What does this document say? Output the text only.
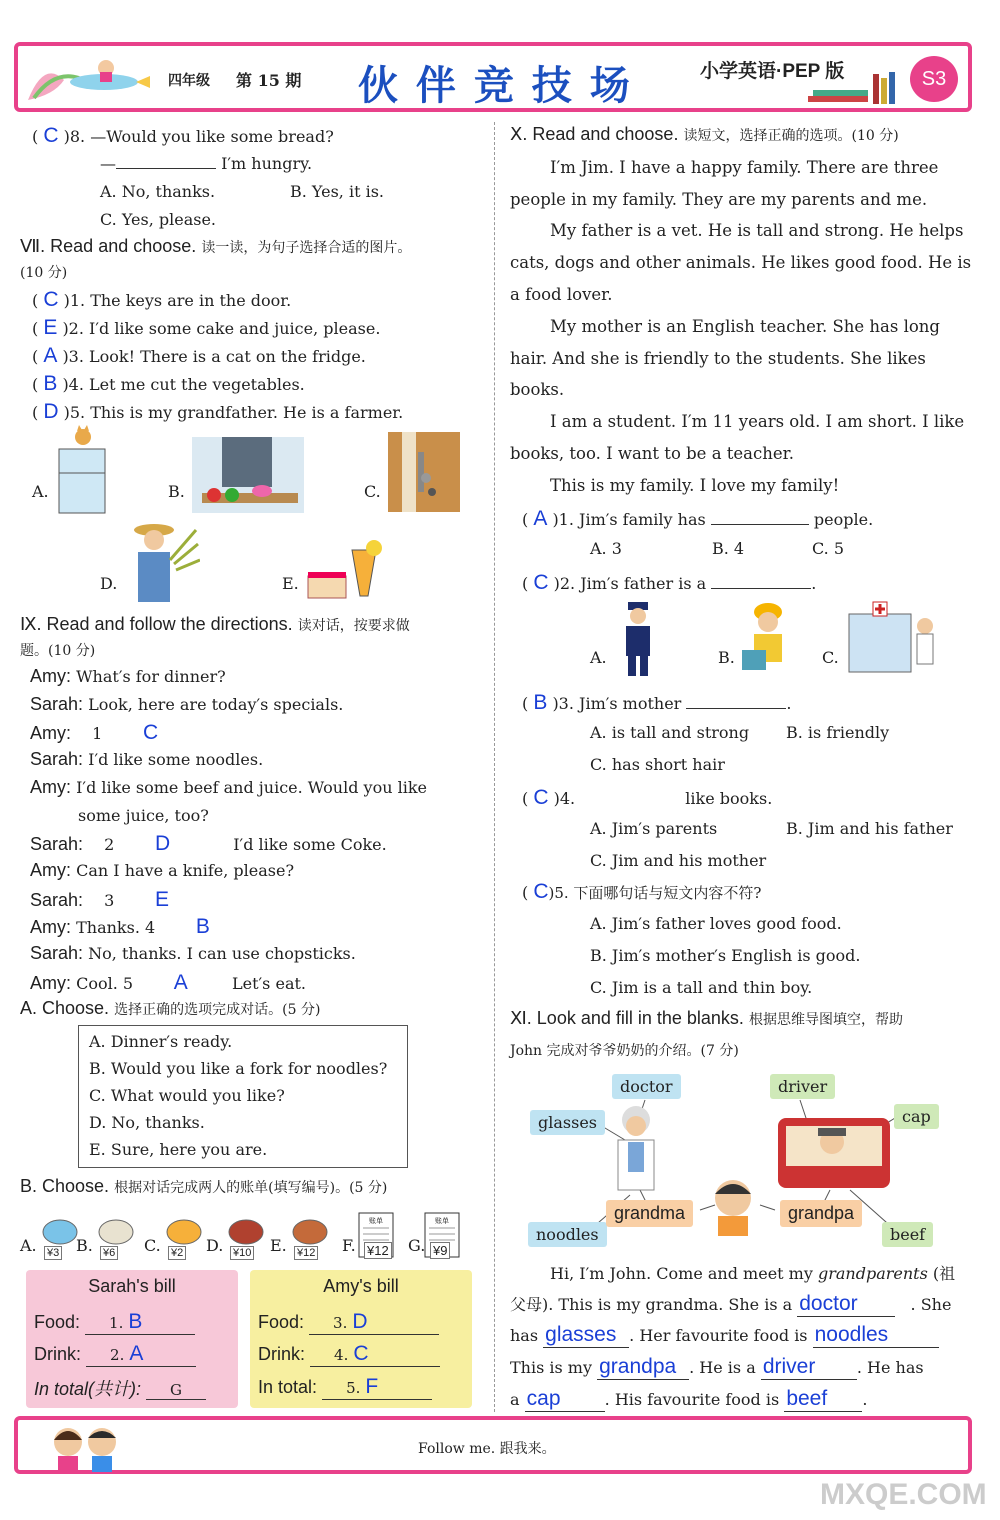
四年级 第 15 期 伙 伴 竞 技 场	小学英语·PEP 版	S3
( C )8. —Would you like some bread?
—	I′m hungry.
A. No, thanks.	B. Yes, it is.
C. Yes, please.
Ⅶ. Read and choose. 读一读，为句子选择合适的图片。
(10 分)
( C )1. The keys are in the door.
( E )2. I′d like some cake and juice, please.
( A )3. Look! There is a cat on the fridge.
( B )4. Let me cut the vegetables.
( D )5. This is my grandfather. He is a farmer.
A.	B.	C.
D.	E.
Ⅸ. Read and follow the directions. 读对话，按要求做
题。(10 分)
Amy: What′s for dinner?
Sarah: Look, here are today′s specials.
Amy: 1 C
Sarah: I′d like some noodles.
Amy: I′d like some beef and juice. Would you like
some juice, too?
Sarah: 2 D	I′d like some Coke.
Amy: Can I have a knife, please?
Sarah: 3 E
Amy: Thanks. 4 B
Sarah: No, thanks. I can use chopsticks.
Amy: Cool. 5 A	Let′s eat.
A. Choose. 选择正确的选项完成对话。(5 分)
A. Dinner′s ready.
B. Would you like a fork for noodles?
C. What would you like?
D. No, thanks.
E. Sure, here you are.
B. Choose. 根据对话完成两人的账单(填写编号)。(5 分)
A. ¥3 B. ¥6 C. ¥2 D. ¥10 E. ¥12 F.
账单
¥12 G.
账单
¥9
Sarah's bill
Food: 1. B
Drink: 2. A
In total(共计): G
Amy's bill
Food: 3. D
Drink: 4. C
In total: 5. F
Ⅹ. Read and choose. 读短文，选择正确的选项。(10 分)
I′m Jim. I have a happy family. There are three
people in my family. They are my parents and me.
My father is a vet. He is tall and strong. He helps
cats, dogs and other animals. He likes good food. He is
a food lover.
My mother is an English teacher. She has long
hair. And she is friendly to the students. She likes
books.
I am a student. I′m 11 years old. I am short. I like
books, too. I want to be a teacher.
This is my family. I love my family!
( A )1. Jim′s family has	people.
A. 3	B. 4	C. 5
( C )2. Jim′s father is a	.
A.	B.	C.
( B )3. Jim′s mother	.
A. is tall and strong B. is friendly
C. has short hair
( C )4.	like books.
A. Jim′s parents	B. Jim and his father
C. Jim and his mother
( C)5. 下面哪句话与短文内容不符?
A. Jim′s father loves good food.
B. Jim′s mother′s English is good.
C. Jim is a tall and thin boy.
Ⅺ. Look and fill in the blanks. 根据思维导图填空，帮助
John 完成对爷爷奶奶的介绍。(7 分)
doctor
glasses
noodles
grandma
driver
cap
grandpa
beef
Hi, I′m John. Come and meet my grandparents (祖
父母). This is my grandma. She is a doctor	. She
has glasses . Her favourite food is noodles
This is my grandpa . He is a driver	. He has
a cap	. His favourite food is beef .
Follow me. 跟我来。
MXQE.COM
